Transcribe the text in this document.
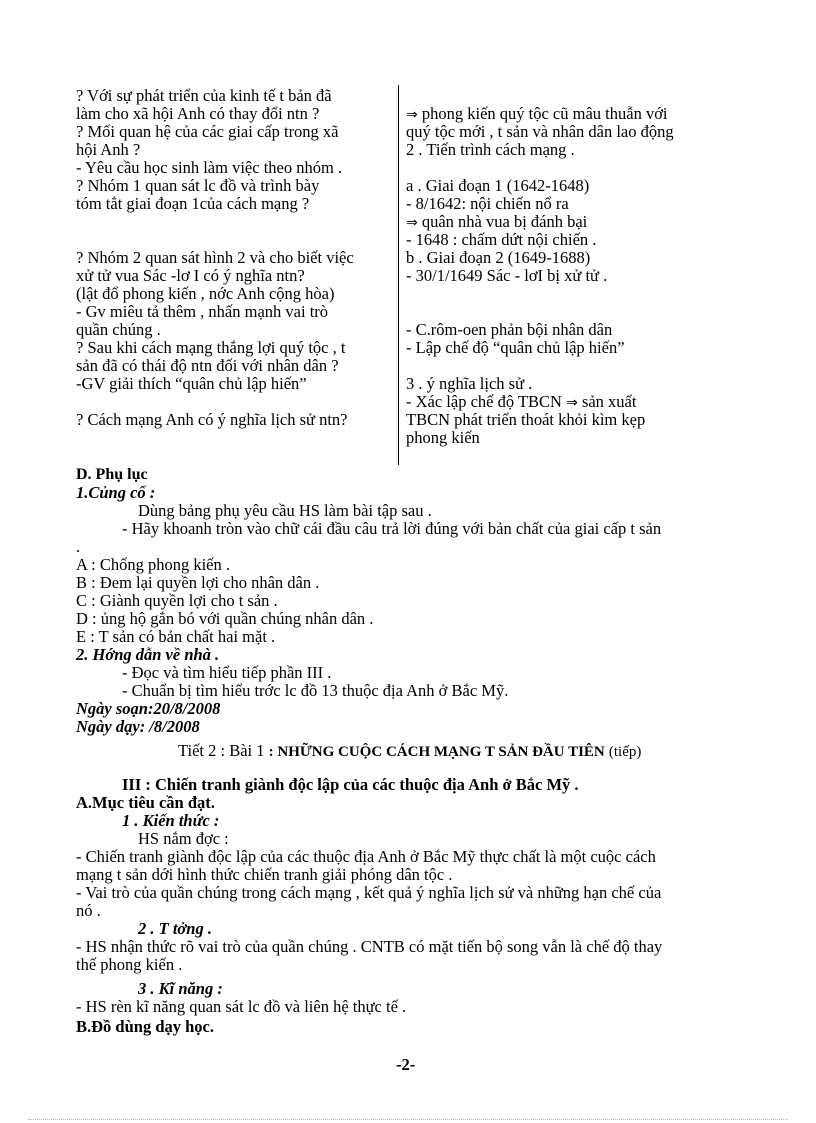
? Với sự phát triển của kinh tế t bản đã
làm cho xã hội Anh có thay đổi ntn ?
? Mối quan hệ của các giai cấp trong xã
hội Anh ?
- Yêu cầu học sinh làm việc theo nhóm .
? Nhóm 1 quan sát lc đồ và trình bày
tóm tắt giai đoạn 1của cách mạng ?
? Nhóm 2 quan sát hình 2 và cho biết việc
xử tử vua Sác -lơ I có ý nghĩa ntn?
(lật đổ phong kiến , nớc Anh cộng hòa)
- Gv miêu tả thêm , nhấn mạnh vai trò
quần chúng .
? Sau khi cách mạng thắng lợi quý tộc , t
sản đã có thái độ ntn đối với nhân dân ?
-GV giải thích “quân chủ lập hiến”
? Cách mạng Anh có ý nghĩa lịch sử ntn?
⇒ phong kiến quý tộc cũ mâu thuẫn với
quý tộc mới , t sản và nhân dân lao động
2 . Tiến trình cách mạng .
a . Giai đoạn 1 (1642-1648)
- 8/1642: nội chiến nổ ra
⇒ quân nhà vua bị đánh bại
- 1648 : chấm dứt nội chiến .
b . Giai đoạn 2 (1649-1688)
- 30/1/1649 Sác - lơI bị xử tử .
- C.rôm-oen phản bội nhân dân
- Lập chế độ “quân chủ lập hiến”
3 . ý nghĩa lịch sử .
- Xác lập chế độ TBCN ⇒ sản xuất
TBCN phát triển thoát khỏi kìm kẹp
phong kiến
D. Phụ lục
1.Củng cố :
Dùng bảng phụ yêu cầu HS làm bài tập sau .
- Hãy khoanh tròn vào chữ cái đầu câu trả lời đúng với bản chất của giai cấp t sản
.
A : Chống phong kiến .
B : Đem lại quyền lợi cho nhân dân .
C : Giành quyền lợi cho t sản .
D : ủng hộ gắn bó với quần chúng nhân dân .
E : T sản có bản chất hai mặt .
2. Hớng dẫn về nhà .
- Đọc và tìm hiểu tiếp phần III .
- Chuẩn bị tìm hiểu trớc lc đồ 13 thuộc địa Anh ở Bắc Mỹ.
Ngày soạn:20/8/2008
Ngày dạy: /8/2008
Tiết 2 : Bài 1 : NHỮNG CUỘC CÁCH MẠNG T SẢN ĐẦU TIÊN (tiếp)
III : Chiến tranh giành độc lập của các thuộc địa Anh ở Bắc Mỹ .
A.Mục tiêu cần đạt.
1 . Kiến thức :
HS nắm đợc :
- Chiến tranh giành độc lập của các thuộc địa Anh ở Bắc Mỹ thực chất là một cuộc cách
mạng t sản dới hình thức chiến tranh giải phóng dân tộc .
- Vai trò của quần chúng trong cách mạng , kết quả ý nghĩa lịch sử và những hạn chế của
nó .
2 . T tởng .
- HS nhận thức rõ vai trò của quần chúng . CNTB có mặt tiến bộ song vẫn là chế độ thay
thế phong kiến .
3 . Kĩ năng :
- HS rèn kĩ năng quan sát lc đồ và liên hệ thực tế .
B.Đồ dùng dạy học.
-2-
